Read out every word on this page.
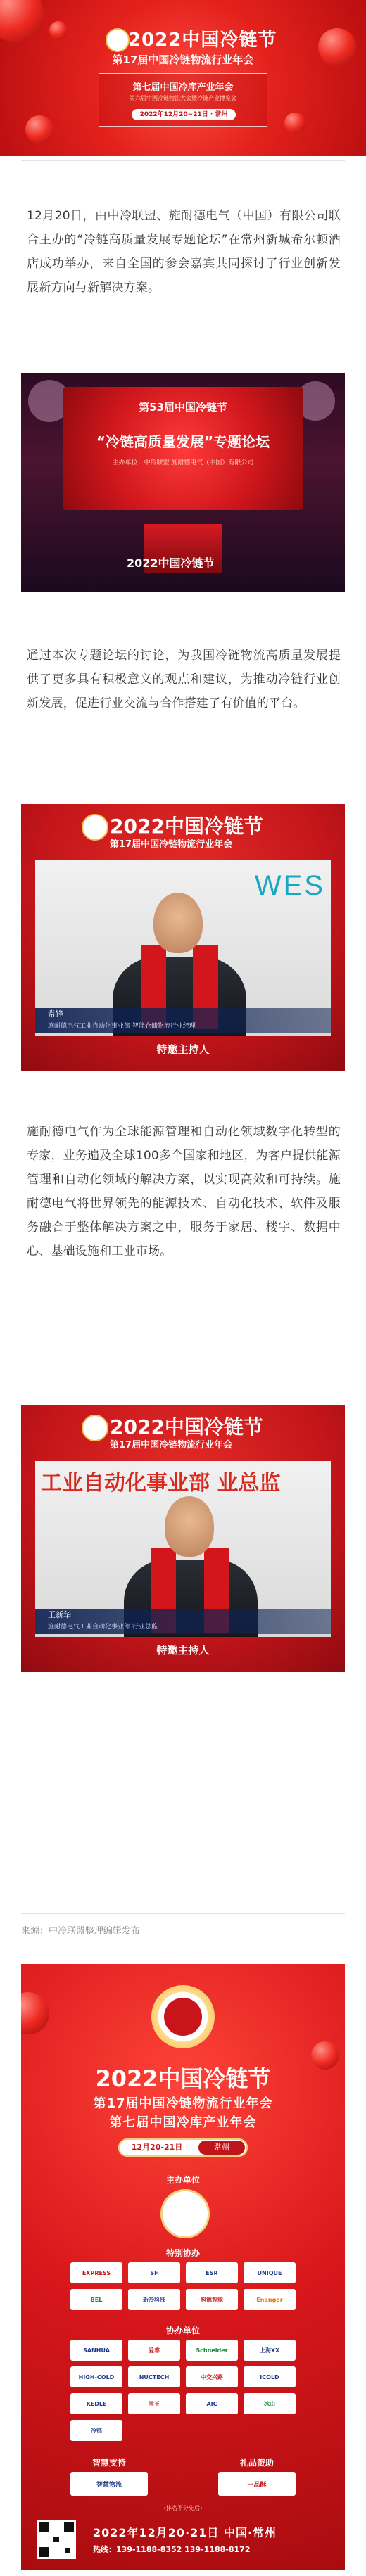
2022中国冷链节
第17届中国冷链物流行业年会
第七届中国冷库产业年会
第六届中国冷链物流大会暨冷链产业博览会
2022年12月20~21日 · 常州

12月20日，由中冷联盟、施耐德电气（中国）有限公司联合主办的“冷链高质量发展专题论坛”在常州新城希尔顿酒店成功举办，来自全国的参会嘉宾共同探讨了行业创新发展新方向与新解决方案。

第53届中国冷链节
“冷链高质量发展”专题论坛
主办单位：中冷联盟 施耐德电气（中国）有限公司
2022中国冷链节

通过本次专题论坛的讨论，为我国冷链物流高质量发展提供了更多具有积极意义的观点和建议，为推动冷链行业创新发展，促进行业交流与合作搭建了有价值的平台。

2022中国冷链节
第17届中国冷链物流行业年会
WES
常锋
施耐德电气工业自动化事业部 智能仓储物流行业经理
特邀主持人

施耐德电气作为全球能源管理和自动化领域数字化转型的专家，业务遍及全球100多个国家和地区，为客户提供能源管理和自动化领域的解决方案，以实现高效和可持续。施耐德电气将世界领先的能源技术、自动化技术、软件及服务融合于整体解决方案之中，服务于家居、楼宇、数据中心、基础设施和工业市场。

2022中国冷链节
第17届中国冷链物流行业年会
工业自动化事业部 业总监
王新华
施耐德电气工业自动化事业部 行业总监
特邀主持人
来源：中冷联盟整理编辑发布
2022中国冷链节
第17届中国冷链物流行业年会
第七届中国冷库产业年会
12月20-21日	常州
主办单位
特别协办
EXPRESS	SF	ESR	UNIQUE
BEL	新冷科技	科德智能	Enanger
协办单位
SANHUA	爱睿	Schneider	上海XX
HIGH-COLD	NUCTECH	中交兴路	ICOLD
KEDLE	雪王	AIC	冰山
冷链
智慧支持	礼品赞助
智慧物流	一品酥
(排名不分先后)
2022年12月20·21日 中国·常州
热线：139-1188-8352 139-1188-8172
